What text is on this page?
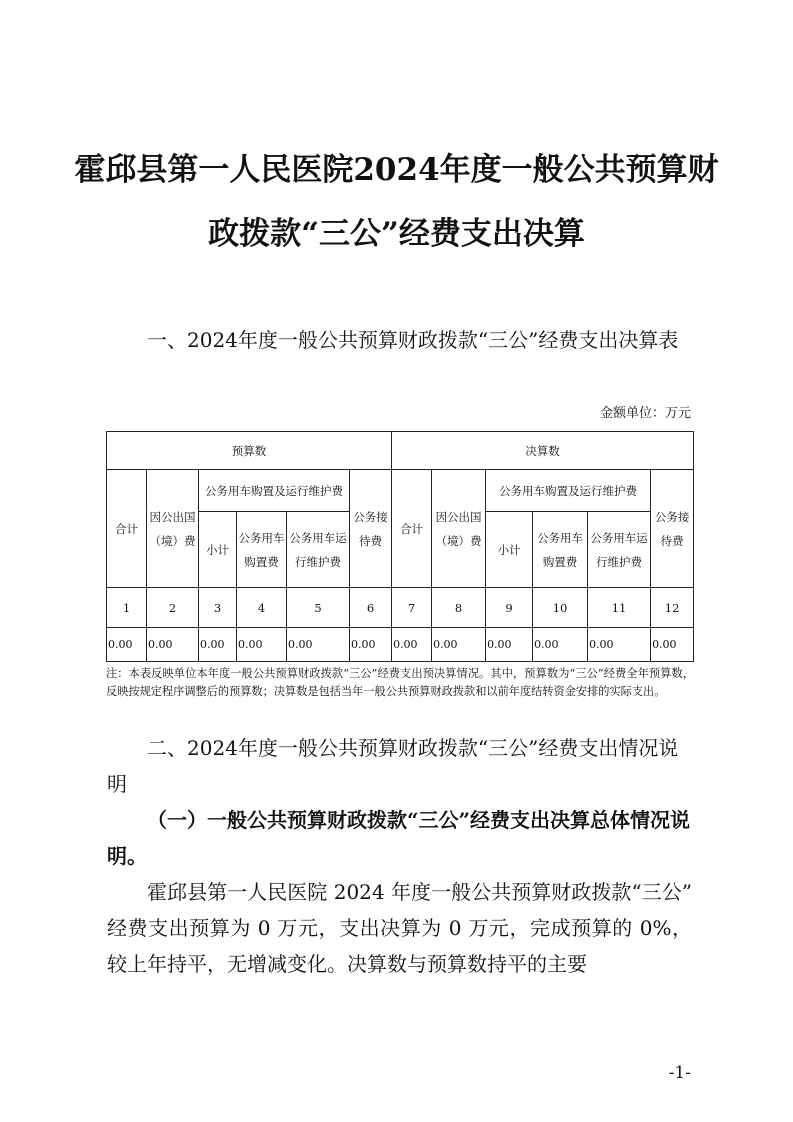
霍邱县第一人民医院2024年度一般公共预算财
政拨款“三公”经费支出决算
一、2024年度一般公共预算财政拨款“三公”经费支出决算表
金额单位：万元
预算数						决算数					
合计	因公出国（境）费	公务用车购置及运行维护费			公务接待费	合计	因公出国（境）费	公务用车购置及运行维护费			公务接待费
		小计	公务用车购置费	公务用车运行维护费				小计	公务用车购置费	公务用车运行维护费	
1	2	3	4	5	6	7	8	9	10	11	12
0.00	0.00	0.00	0.00	0.00	0.00	0.00	0.00	0.00	0.00	0.00	0.00
注：本表反映单位本年度一般公共预算财政拨款“三公”经费支出预决算情况。其中，预算数为“三公”经费全年预算数，反映按规定程序调整后的预算数；决算数是包括当年一般公共预算财政拨款和以前年度结转资金安排的实际支出。
二、2024年度一般公共预算财政拨款“三公”经费支出情况说明
（一）一般公共预算财政拨款“三公”经费支出决算总体情况说明。
霍邱县第一人民医院 2024 年度一般公共预算财政拨款“三公” 经费支出预算为 0 万元，支出决算为 0 万元，完成预算的 0%，较上年持平，无增减变化。决算数与预算数持平的主要
-1-
